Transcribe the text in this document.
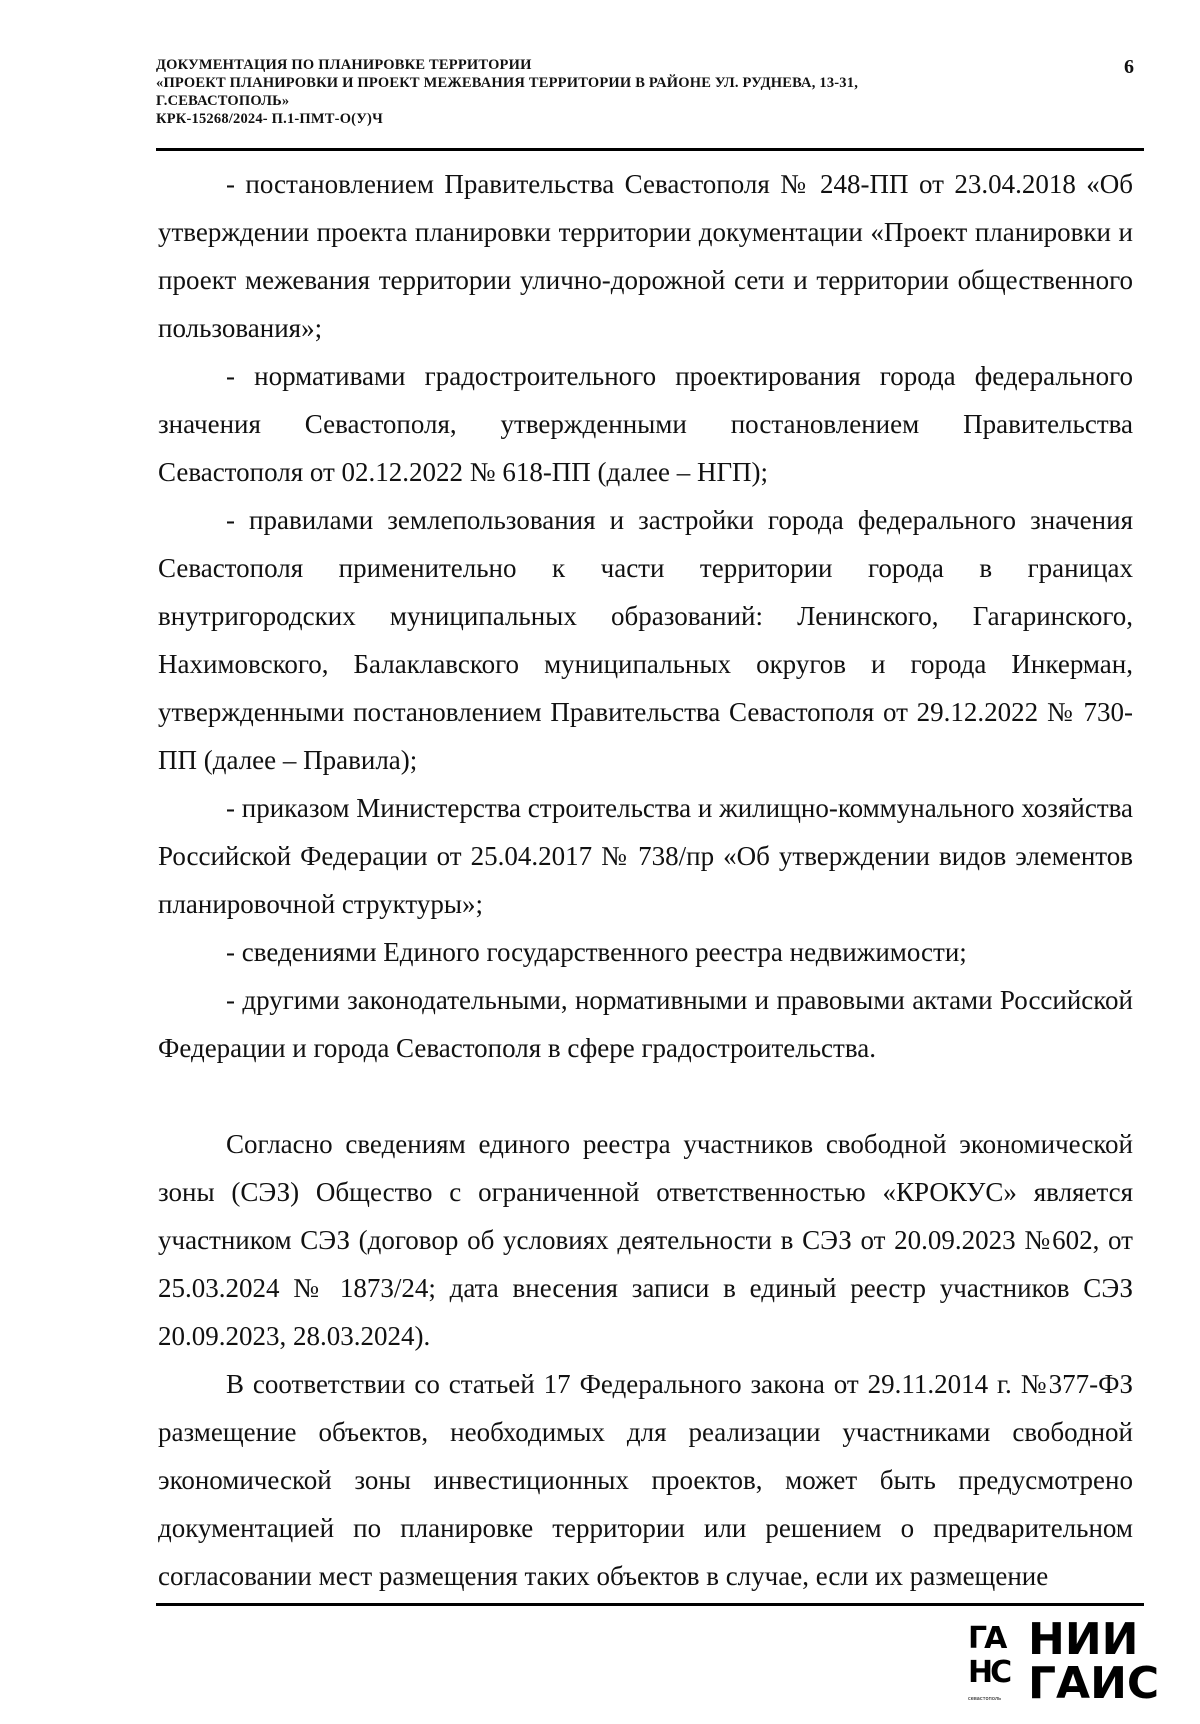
ДОКУМЕНТАЦИЯ ПО ПЛАНИРОВКЕ ТЕРРИТОРИИ
«ПРОЕКТ ПЛАНИРОВКИ И ПРОЕКТ МЕЖЕВАНИЯ ТЕРРИТОРИИ В РАЙОНЕ УЛ. РУДНЕВА, 13-31,
Г.СЕВАСТОПОЛЬ»
КРК-15268/2024- П.1-ПМТ-О(У)Ч
6

- постановлением Правительства Севастополя № 248-ПП от 23.04.2018 «Об утверждении проекта планировки территории документации «Проект планировки и проект межевания территории улично-дорожной сети и территории общественного пользования»;

- нормативами градостроительного проектирования города федерального значения Севастополя, утвержденными постановлением Правительства Севастополя от 02.12.2022 № 618-ПП (далее – НГП);

- правилами землепользования и застройки города федерального значения Севастополя применительно к части территории города в границах внутригородских муниципальных образований: Ленинского, Гагаринского, Нахимовского, Балаклавского муниципальных округов и города Инкерман, утвержденными постановлением Правительства Севастополя от 29.12.2022 № 730-ПП (далее – Правила);

- приказом Министерства строительства и жилищно-коммунального хозяйства Российской Федерации от 25.04.2017 № 738/пр «Об утверждении видов элементов планировочной структуры»;

- сведениями Единого государственного реестра недвижимости;

- другими законодательными, нормативными и правовыми актами Российской Федерации и города Севастополя в сфере градостроительства.

Согласно сведениям единого реестра участников свободной экономической зоны (СЭЗ) Общество с ограниченной ответственностью «КРОКУС» является участником СЭЗ (договор об условиях деятельности в СЭЗ от 20.09.2023 №602, от 25.03.2024 № 1873/24; дата внесения записи в единый реестр участников СЭЗ 20.09.2023, 28.03.2024).

В соответствии со статьей 17 Федерального закона от 29.11.2014 г. №377-ФЗ размещение объектов, необходимых для реализации участниками свободной экономической зоны инвестиционных проектов, может быть предусмотрено документацией по планировке территории или решением о предварительном согласовании мест размещения таких объектов в случае, если их размещение

ГА
НС
севастополь
НИИ
ГАИС
